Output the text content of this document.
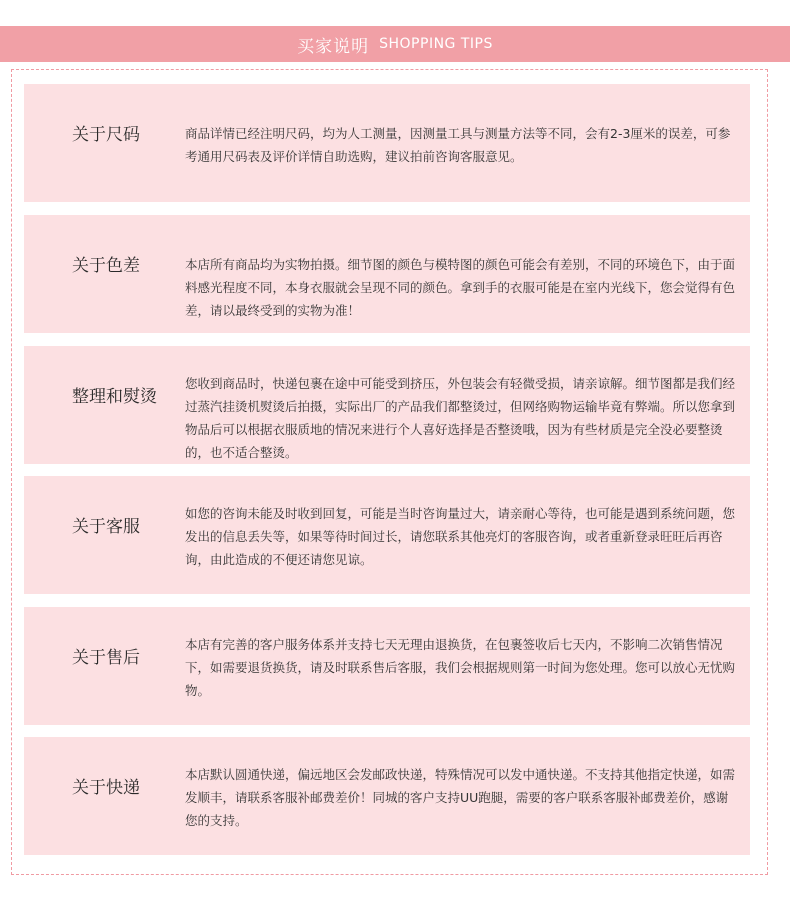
买家说明 SHOPPING TIPS
关于尺码	商品详情已经注明尺码，均为人工测量，因测量工具与测量方法等不同，会有2-3厘米的误差，可参考通用尺码表及评价详情自助选购，建议拍前咨询客服意见。
关于色差	本店所有商品均为实物拍摄。细节图的颜色与模特图的颜色可能会有差别，不同的环境色下，由于面料感光程度不同，本身衣服就会呈现不同的颜色。拿到手的衣服可能是在室内光线下，您会觉得有色差，请以最终受到的实物为准！
整理和熨烫
您收到商品时，快递包裹在途中可能受到挤压，外包装会有轻微受损，请亲谅解。细节图都是我们经过蒸汽挂烫机熨烫后拍摄，实际出厂的产品我们都整烫过，但网络购物运输毕竟有弊端。所以您拿到物品后可以根据衣服质地的情况来进行个人喜好选择是否整烫哦，因为有些材质是完全没必要整烫的，也不适合整烫。
关于客服
如您的咨询未能及时收到回复，可能是当时咨询量过大，请亲耐心等待，也可能是遇到系统问题，您发出的信息丢失等，如果等待时间过长，请您联系其他亮灯的客服咨询，或者重新登录旺旺后再咨询，由此造成的不便还请您见谅。
关于售后
本店有完善的客户服务体系并支持七天无理由退换货，在包裹签收后七天内，不影响二次销售情况下，如需要退货换货，请及时联系售后客服，我们会根据规则第一时间为您处理。您可以放心无忧购物。
关于快递
本店默认圆通快递，偏远地区会发邮政快递，特殊情况可以发中通快递。不支持其他指定快递，如需发顺丰，请联系客服补邮费差价！同城的客户支持UU跑腿，需要的客户联系客服补邮费差价，感谢您的支持。
